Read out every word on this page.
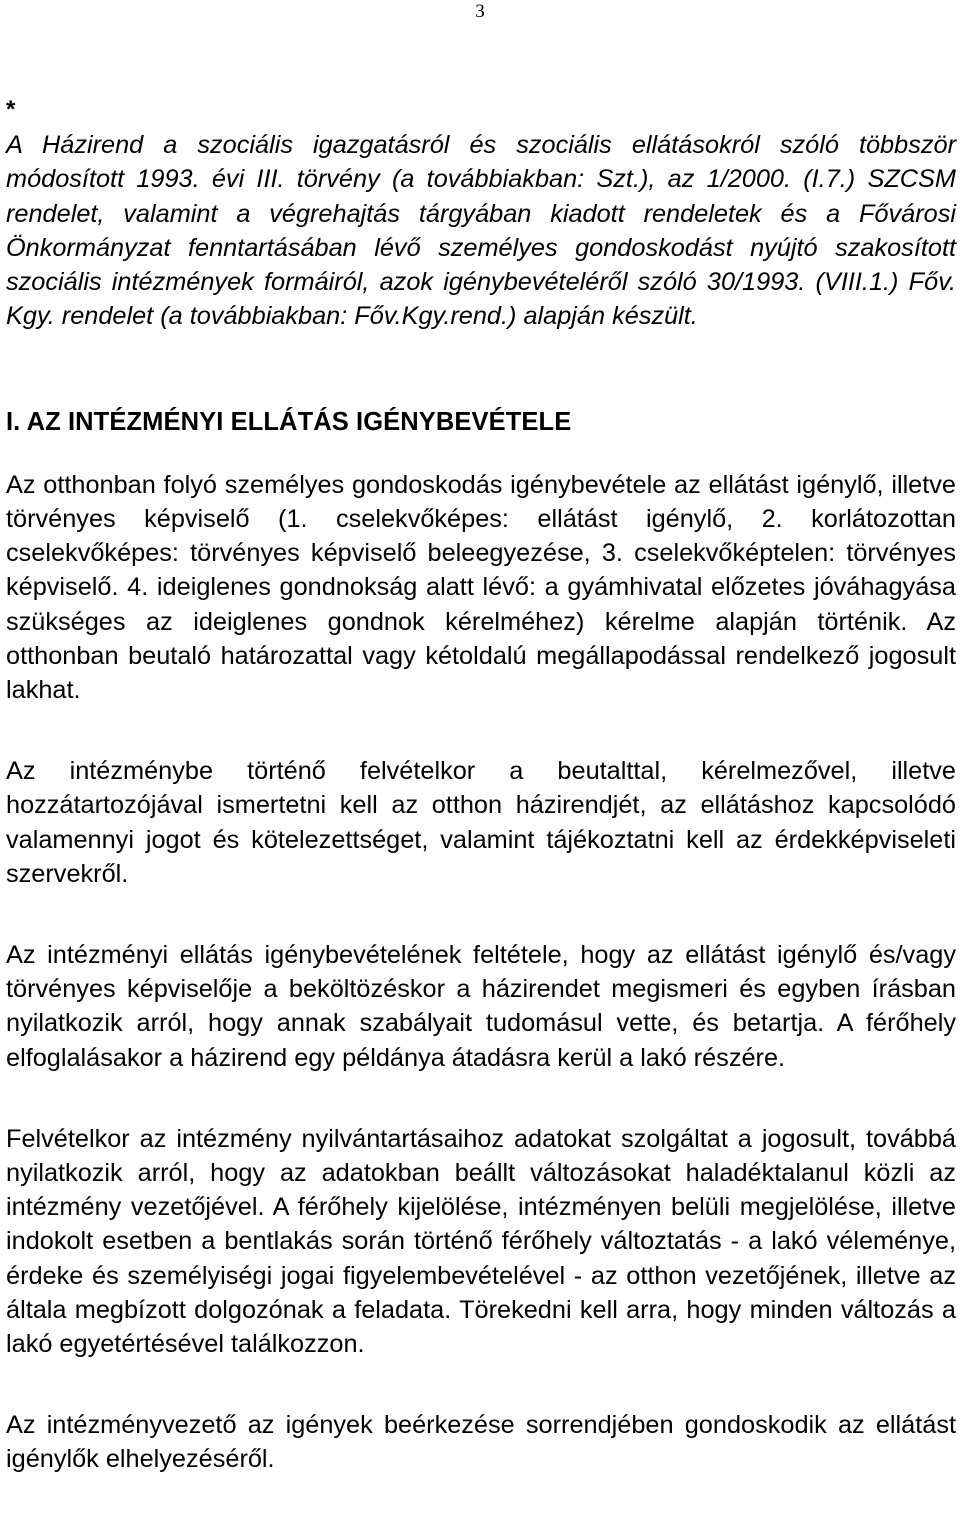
3
*

A Házirend a szociális igazgatásról és szociális ellátásokról szóló többször módosított 1993. évi III. törvény (a továbbiakban: Szt.), az 1/2000. (I.7.) SZCSM rendelet, valamint a végrehajtás tárgyában kiadott rendeletek és a Fővárosi Önkormányzat fenntartásában lévő személyes gondoskodást nyújtó szakosított szociális intézmények formáiról, azok igénybevételéről szóló 30/1993. (VIII.1.) Főv. Kgy. rendelet (a továbbiakban: Főv.Kgy.rend.) alapján készült.

I. AZ INTÉZMÉNYI ELLÁTÁS IGÉNYBEVÉTELE

Az otthonban folyó személyes gondoskodás igénybevétele az ellátást igénylő, illetve törvényes képviselő (1. cselekvőképes: ellátást igénylő, 2. korlátozottan cselekvőképes: törvényes képviselő beleegyezése, 3. cselekvőképtelen: törvényes képviselő. 4. ideiglenes gondnokság alatt lévő: a gyámhivatal előzetes jóváhagyása szükséges az ideiglenes gondnok kérelméhez) kérelme alapján történik. Az otthonban beutaló határozattal vagy kétoldalú megállapodással rendelkező jogosult lakhat.

Az intézménybe történő felvételkor a beutalttal, kérelmezővel, illetve hozzátartozójával ismertetni kell az otthon házirendjét, az ellátáshoz kapcsolódó valamennyi jogot és kötelezettséget, valamint tájékoztatni kell az érdekképviseleti szervekről.

Az intézményi ellátás igénybevételének feltétele, hogy az ellátást igénylő és/vagy törvényes képviselője a beköltözéskor a házirendet megismeri és egyben írásban nyilatkozik arról, hogy annak szabályait tudomásul vette, és betartja. A férőhely elfoglalásakor a házirend egy példánya átadásra kerül a lakó részére.

Felvételkor az intézmény nyilvántartásaihoz adatokat szolgáltat a jogosult, továbbá nyilatkozik arról, hogy az adatokban beállt változásokat haladéktalanul közli az intézmény vezetőjével. A férőhely kijelölése, intézményen belüli megjelölése, illetve indokolt esetben a bentlakás során történő férőhely változtatás - a lakó véleménye, érdeke és személyiségi jogai figyelembevételével - az otthon vezetőjének, illetve az általa megbízott dolgozónak a feladata. Törekedni kell arra, hogy minden változás a lakó egyetértésével találkozzon.

Az intézményvezető az igények beérkezése sorrendjében gondoskodik az ellátást igénylők elhelyezéséről.
